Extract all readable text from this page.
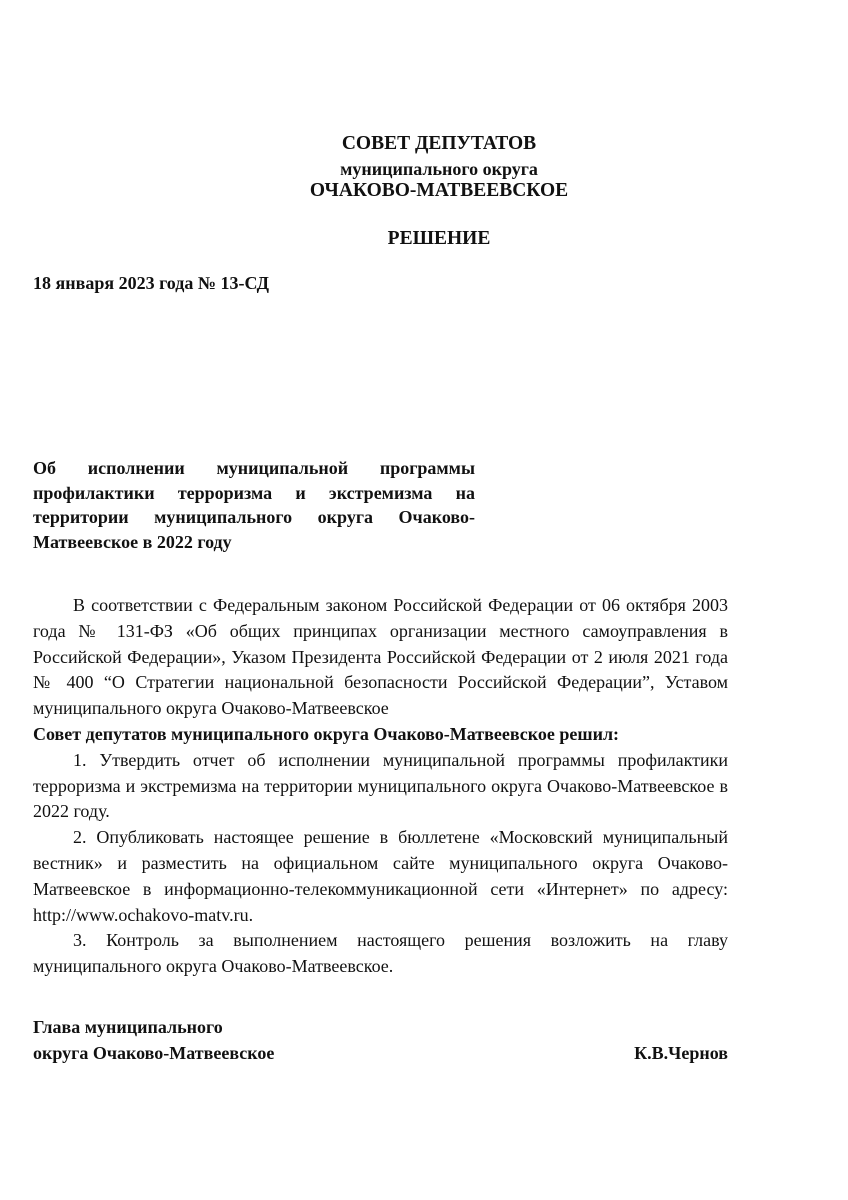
СОВЕТ ДЕПУТАТОВ
муниципального округа
ОЧАКОВО-МАТВЕЕВСКОЕ
РЕШЕНИЕ
18 января 2023 года № 13-СД
Об исполнении муниципальной программы профилактики терроризма и экстремизма на территории муниципального округа Очаково-Матвеевское в 2022 году

В соответствии с Федеральным законом Российской Федерации от 06 октября 2003 года № 131-ФЗ «Об общих принципах организации местного самоуправления в Российской Федерации», Указом Президента Российской Федерации от 2 июля 2021 года № 400 “О Стратегии национальной безопасности Российской Федерации”, Уставом муниципального округа Очаково-Матвеевское

Совет депутатов муниципального округа Очаково-Матвеевское решил:

1. Утвердить отчет об исполнении муниципальной программы профилактики терроризма и экстремизма на территории муниципального округа Очаково-Матвеевское в 2022 году.

2. Опубликовать настоящее решение в бюллетене «Московский муниципальный вестник» и разместить на официальном сайте муниципального округа Очаково-Матвеевское в информационно-телекоммуникационной сети «Интернет» по адресу: http://www.ochakovo-matv.ru.

3. Контроль за выполнением настоящего решения возложить на главу муниципального округа Очаково-Матвеевское.

Глава муниципального
округа Очаково-Матвеевское	К.В.Чернов
